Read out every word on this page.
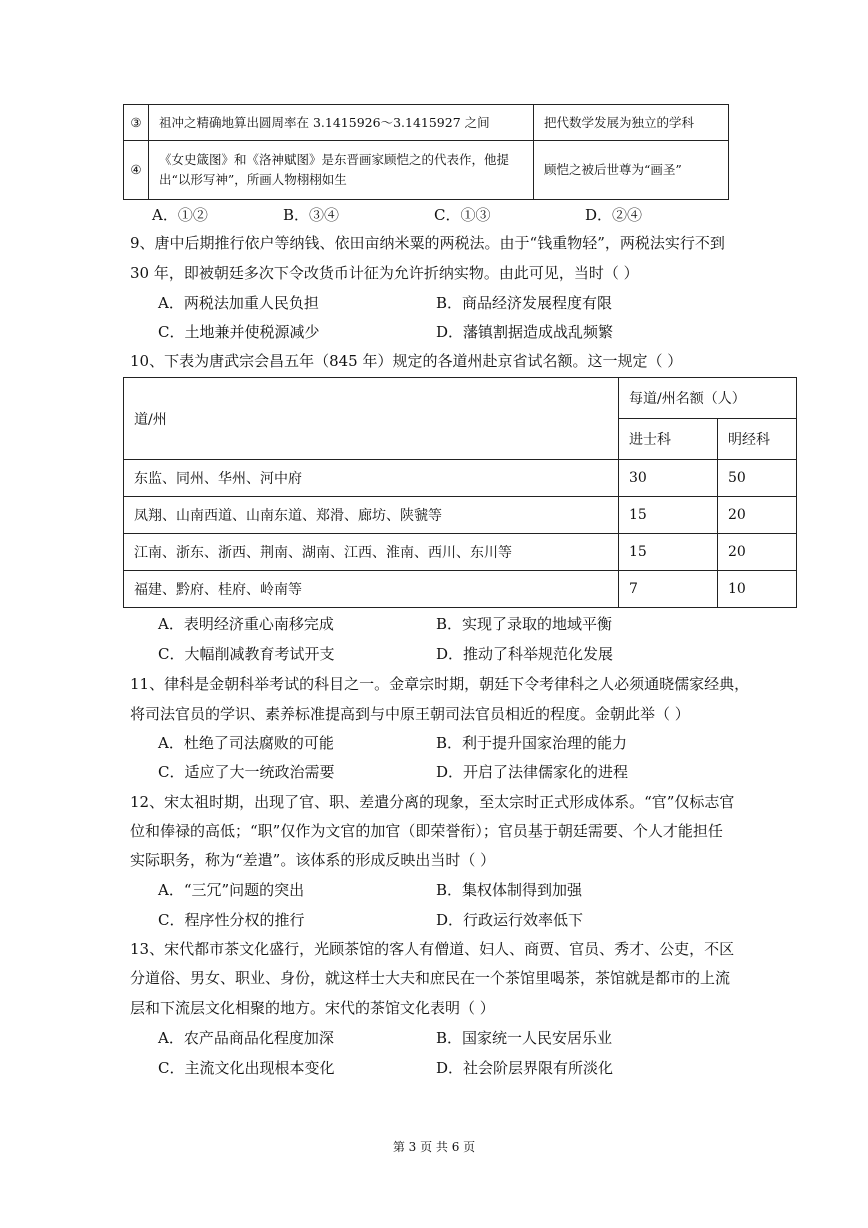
③	祖冲之精确地算出圆周率在 3.1415926～3.1415927 之间	把代数学发展为独立的学科
④	《女史箴图》和《洛神赋图》是东晋画家顾恺之的代表作，他提
出“以形写神”，所画人物栩栩如生	顾恺之被后世尊为“画圣”
A．①②	B．③④	C．①③	D．②④
9、唐中后期推行依户等纳钱、依田亩纳米粟的两税法。由于“钱重物轻”，两税法实行不到
30 年，即被朝廷多次下令改货币计征为允许折纳实物。由此可见，当时（ ）
A．两税法加重人民负担	B．商品经济发展程度有限
C．土地兼并使税源减少	D．藩镇割据造成战乱频繁
10、下表为唐武宗会昌五年（845 年）规定的各道州赴京省试名额。这一规定（ ）
道/州	每道/州名额（人）	
	进士科	明经科
东监、同州、华州、河中府	30	50
凤翔、山南西道、山南东道、郑滑、廊坊、陕虢等	15	20
江南、浙东、浙西、荆南、湖南、江西、淮南、西川、东川等	15	20
福建、黔府、桂府、岭南等	7	10
A．表明经济重心南移完成	B．实现了录取的地域平衡
C．大幅削减教育考试开支	D．推动了科举规范化发展
11、律科是金朝科举考试的科目之一。金章宗时期，朝廷下令考律科之人必须通晓儒家经典，
将司法官员的学识、素养标准提高到与中原王朝司法官员相近的程度。金朝此举（ ）
A．杜绝了司法腐败的可能	B．利于提升国家治理的能力
C．适应了大一统政治需要	D．开启了法律儒家化的进程
12、宋太祖时期，出现了官、职、差遣分离的现象，至太宗时正式形成体系。“官”仅标志官
位和俸禄的高低；“职”仅作为文官的加官（即荣誉衔）；官员基于朝廷需要、个人才能担任
实际职务，称为“差遣”。该体系的形成反映出当时（ ）
A．“三冗”问题的突出	B．集权体制得到加强
C．程序性分权的推行	D．行政运行效率低下
13、宋代都市茶文化盛行，光顾茶馆的客人有僧道、妇人、商贾、官员、秀才、公吏，不区
分道俗、男女、职业、身份，就这样士大夫和庶民在一个茶馆里喝茶，茶馆就是都市的上流
层和下流层文化相聚的地方。宋代的茶馆文化表明（ ）
A．农产品商品化程度加深	B．国家统一人民安居乐业
C．主流文化出现根本变化	D．社会阶层界限有所淡化
第 3 页 共 6 页
